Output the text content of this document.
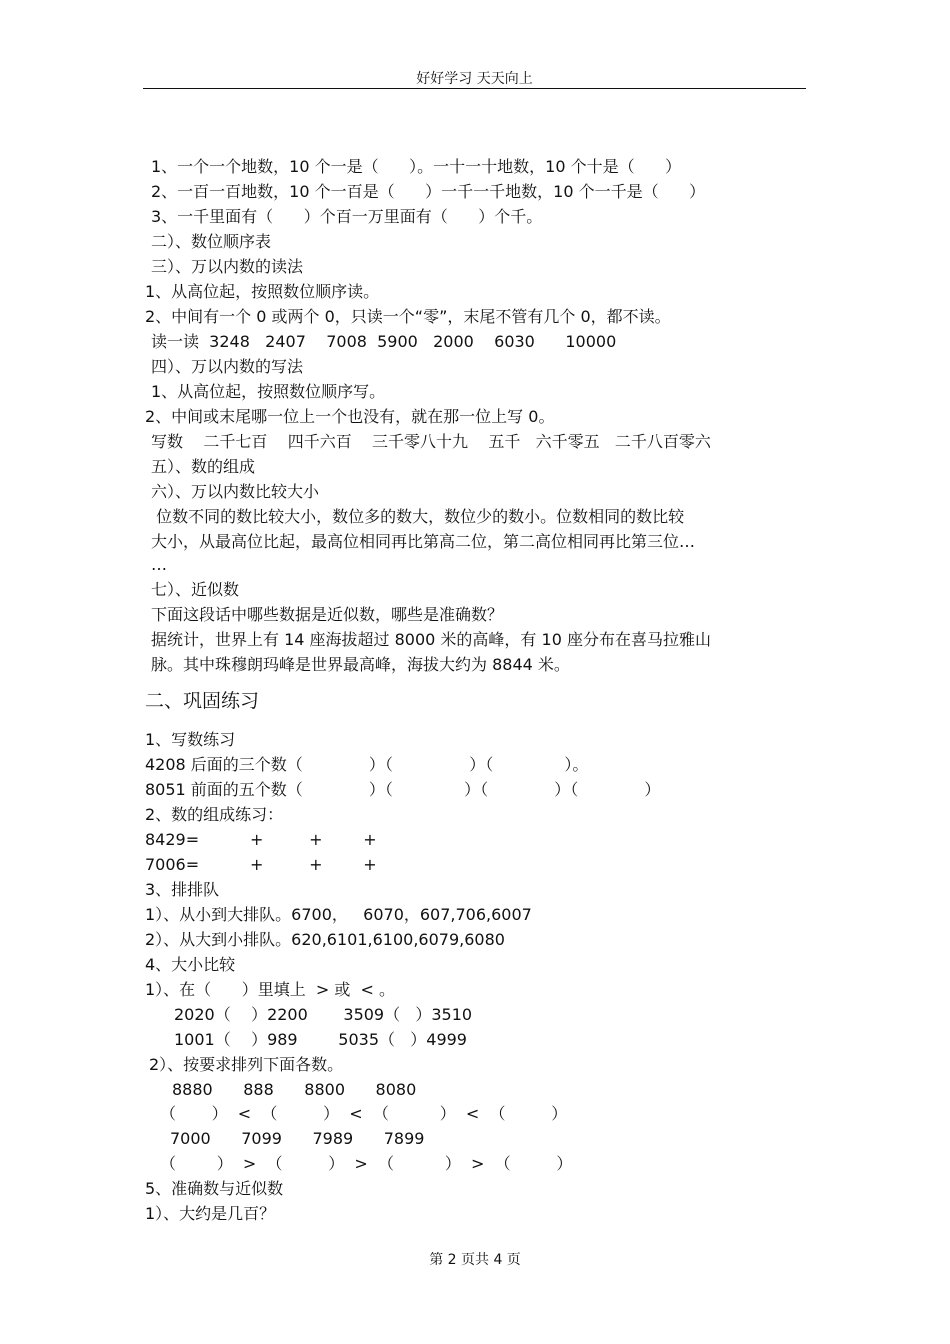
好好学习 天天向上
1、一个一个地数，10 个一是（      ）。一十一十地数，10 个十是（      ）
2、一百一百地数，10 个一百是（      ）一千一千地数，10 个一千是（      ）
3、一千里面有（      ）个百一万里面有（      ）个千。
二）、数位顺序表
三）、万以内数的读法
1、从高位起，按照数位顺序读。
2、中间有一个 0 或两个 0，只读一个“零”，末尾不管有几个 0，都不读。
读一读  3248   2407    7008  5900   2000    6030      10000
四）、万以内数的写法
1、从高位起，按照数位顺序写。
2、中间或末尾哪一位上一个也没有，就在那一位上写 0。
写数    二千七百    四千六百    三千零八十九    五千   六千零五   二千八百零六
五）、数的组成
六）、万以内数比较大小
位数不同的数比较大小，数位多的数大，数位少的数小。位数相同的数比较
大小，从最高位比起，最高位相同再比第高二位，第二高位相同再比第三位…
…
七）、近似数
下面这段话中哪些数据是近似数，哪些是准确数？
据统计，世界上有 14 座海拔超过 8000 米的高峰，有 10 座分布在喜马拉雅山
脉。其中珠穆朗玛峰是世界最高峰，海拔大约为 8844 米。
二、巩固练习
1、写数练习
4208 后面的三个数（             ）（               ）（              ）。
8051 前面的五个数（             ）（              ）（             ）（             ）
2、数的组成练习：
8429=          +         +        +
7006=          +         +        +
3、排排队
1）、从小到大排队。6700，   6070，607,706,6007
2）、从大到小排队。620,6101,6100,6079,6080
4、大小比较
1）、在（      ）里填上  > 或  < 。
2020（    ）2200       3509（   ）3510
1001（    ）989        5035（   ）4999
2）、按要求排列下面各数。
8880      888      8800      8080
（       ）  <  （         ）  <  （          ）  <  （         ）
7000      7099      7989      7899
（        ）  >  （         ）  >  （          ）  >  （         ）
5、准确数与近似数
1）、大约是几百？
第 2 页共 4 页
